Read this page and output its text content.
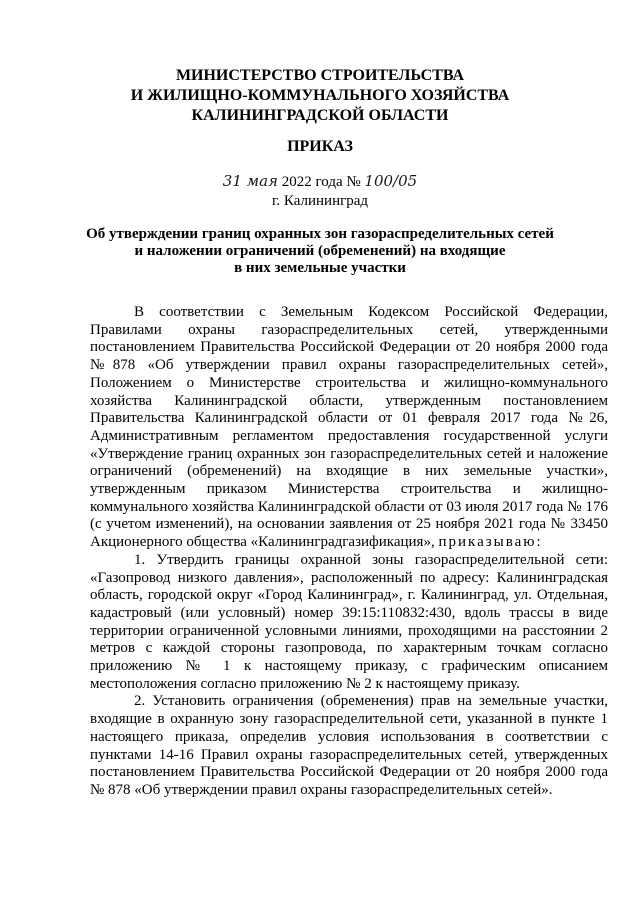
МИНИСТЕРСТВО СТРОИТЕЛЬСТВА
И ЖИЛИЩНО-КОММУНАЛЬНОГО ХОЗЯЙСТВА
КАЛИНИНГРАДСКОЙ ОБЛАСТИ
ПРИКАЗ
31 мая 2022 года № 100/05
г. Калининград
Об утверждении границ охранных зон газораспределительных сетей
и наложении ограничений (обременений) на входящие
в них земельные участки

В соответствии с Земельным Кодексом Российской Федерации, Правилами охраны газораспределительных сетей, утвержденными постановлением Правительства Российской Федерации от 20 ноября 2000 года №878 «Об утверждении правил охраны газораспределительных сетей», Положением о Министерстве строительства и жилищно-коммунального хозяйства Калининградской области, утвержденным постановлением Правительства Калининградской области от 01 февраля 2017 года №26, Административным регламентом предоставления государственной услуги «Утверждение границ охранных зон газораспределительных сетей и наложение ограничений (обременений) на входящие в них земельные участки», утвержденным приказом Министерства строительства и жилищно-коммунального хозяйства Калининградской области от 03 июля 2017 года № 176 (с учетом изменений), на основании заявления от 25 ноября 2021 года № 33450 Акционерного общества «Калининградгазификация», приказываю:

1. Утвердить границы охранной зоны газораспределительной сети: «Газопровод низкого давления», расположенный по адресу: Калининградская область, городской округ «Город Калининград», г. Калининград, ул. Отдельная, кадастровый (или условный) номер 39:15:110832:430, вдоль трассы в виде территории ограниченной условными линиями, проходящими на расстоянии 2 метров с каждой стороны газопровода, по характерным точкам согласно приложению № 1 к настоящему приказу, с графическим описанием местоположения согласно приложению № 2 к настоящему приказу.

2. Установить ограничения (обременения) прав на земельные участки, входящие в охранную зону газораспределительной сети, указанной в пункте 1 настоящего приказа, определив условия использования в соответствии с пунктами 14-16 Правил охраны газораспределительных сетей, утвержденных постановлением Правительства Российской Федерации от 20 ноября 2000 года № 878 «Об утверждении правил охраны газораспределительных сетей».
